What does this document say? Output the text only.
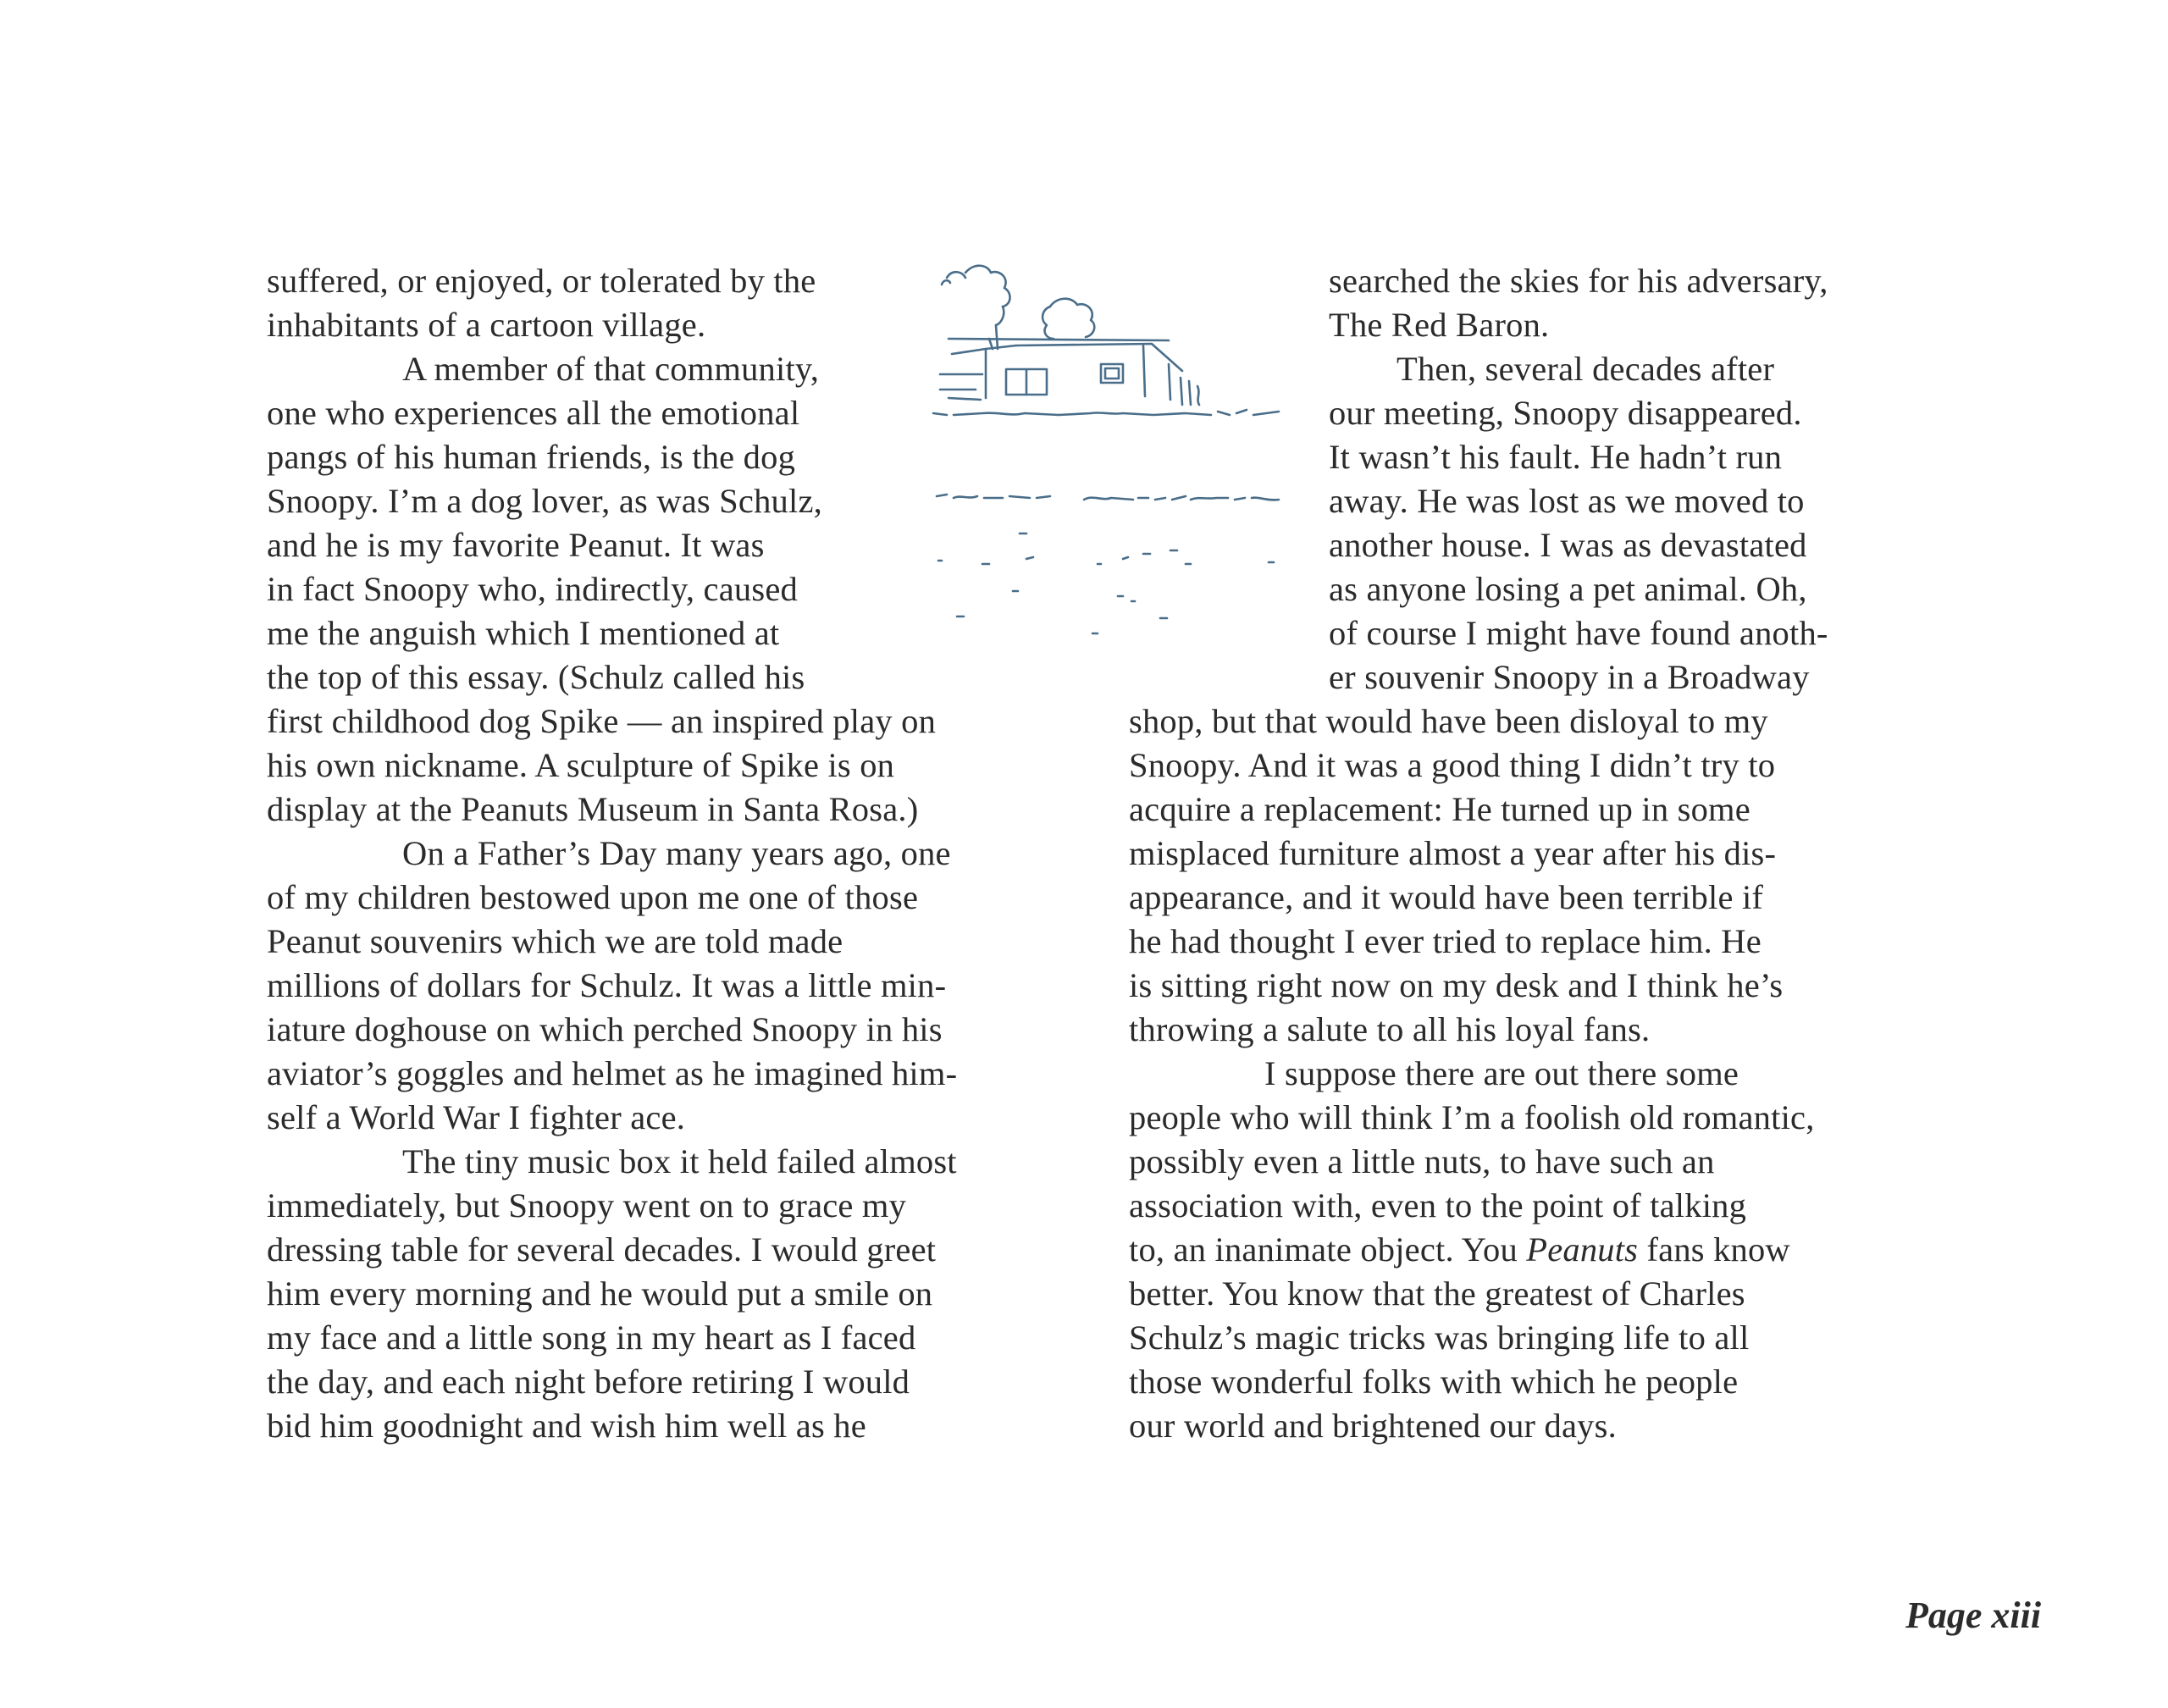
suffered, or enjoyed, or tolerated by the
inhabitants of a cartoon village.
A member of that community,
one who experiences all the emotional
pangs of his human friends, is the dog
Snoopy. I’m a dog lover, as was Schulz,
and he is my favorite Peanut. It was
in fact Snoopy who, indirectly, caused
me the anguish which I mentioned at
the top of this essay. (Schulz called his
first childhood dog Spike — an inspired play on
his own nickname. A sculpture of Spike is on
display at the Peanuts Museum in Santa Rosa.)
On a Father’s Day many years ago, one
of my children bestowed upon me one of those
Peanut souvenirs which we are told made
millions of dollars for Schulz. It was a little min-
iature doghouse on which perched Snoopy in his
aviator’s goggles and helmet as he imagined him-
self a World War I fighter ace.
The tiny music box it held failed almost
immediately, but Snoopy went on to grace my
dressing table for several decades. I would greet
him every morning and he would put a smile on
my face and a little song in my heart as I faced
the day, and each night before retiring I would
bid him goodnight and wish him well as he
searched the skies for his adversary,
The Red Baron.
Then, several decades after
our meeting, Snoopy disappeared.
It wasn’t his fault. He hadn’t run
away. He was lost as we moved to
another house. I was as devastated
as anyone losing a pet animal. Oh,
of course I might have found anoth-
er souvenir Snoopy in a Broadway
shop, but that would have been disloyal to my
Snoopy. And it was a good thing I didn’t try to
acquire a replacement: He turned up in some
misplaced furniture almost a year after his dis-
appearance, and it would have been terrible if
he had thought I ever tried to replace him. He
is sitting right now on my desk and I think he’s
throwing a salute to all his loyal fans.
I suppose there are out there some
people who will think I’m a foolish old romantic,
possibly even a little nuts, to have such an
association with, even to the point of talking
to, an inanimate object. You Peanuts fans know
better. You know that the greatest of Charles
Schulz’s magic tricks was bringing life to all
those wonderful folks with which he people
our world and brightened our days.
Page xiii
